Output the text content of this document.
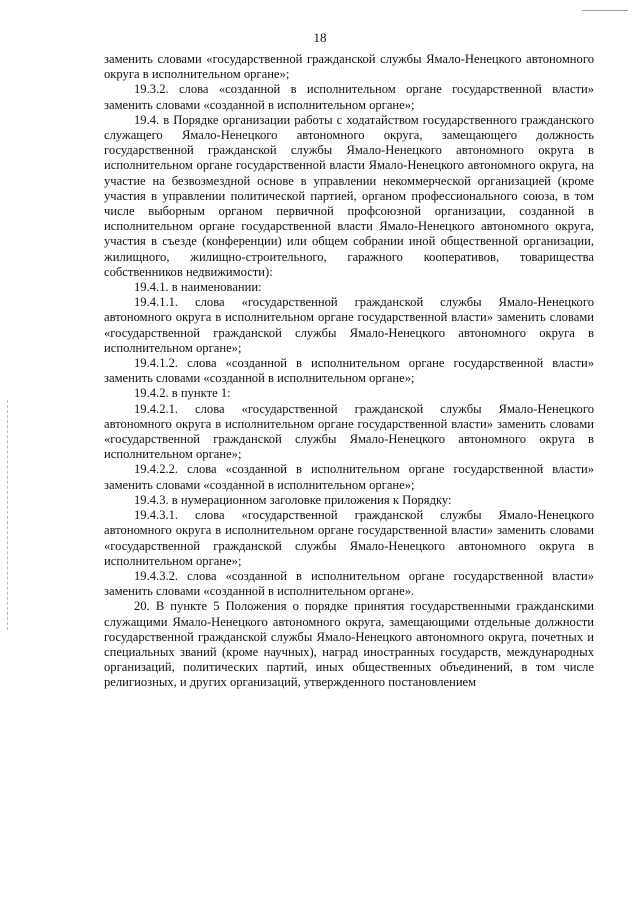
18

заменить словами «государственной гражданской службы Ямало-Ненецкого автономного округа в исполнительном органе»;

19.3.2. слова «созданной в исполнительном органе государственной власти» заменить словами «созданной в исполнительном органе»;

19.4. в Порядке организации работы с ходатайством государственного гражданского служащего Ямало-Ненецкого автономного округа, замещающего должность государственной гражданской службы Ямало-Ненецкого автономного округа в исполнительном органе государственной власти Ямало-Ненецкого автономного округа, на участие на безвозмездной основе в управлении некоммерческой организацией (кроме участия в управлении политической партией, органом профессионального союза, в том числе выборным органом первичной профсоюзной организации, созданной в исполнительном органе государственной власти Ямало-Ненецкого автономного округа, участия в съезде (конференции) или общем собрании иной общественной организации, жилищного, жилищно-строительного, гаражного кооперативов, товарищества собственников недвижимости):

19.4.1. в наименовании:

19.4.1.1. слова «государственной гражданской службы Ямало-Ненецкого автономного округа в исполнительном органе государственной власти» заменить словами «государственной гражданской службы Ямало-Ненецкого автономного округа в исполнительном органе»;

19.4.1.2. слова «созданной в исполнительном органе государственной власти» заменить словами «созданной в исполнительном органе»;

19.4.2. в пункте 1:

19.4.2.1. слова «государственной гражданской службы Ямало-Ненецкого автономного округа в исполнительном органе государственной власти» заменить словами «государственной гражданской службы Ямало-Ненецкого автономного округа в исполнительном органе»;

19.4.2.2. слова «созданной в исполнительном органе государственной власти» заменить словами «созданной в исполнительном органе»;

19.4.3. в нумерационном заголовке приложения к Порядку:

19.4.3.1. слова «государственной гражданской службы Ямало-Ненецкого автономного округа в исполнительном органе государственной власти» заменить словами «государственной гражданской службы Ямало-Ненецкого автономного округа в исполнительном органе»;

19.4.3.2. слова «созданной в исполнительном органе государственной власти» заменить словами «созданной в исполнительном органе».

20. В пункте 5 Положения о порядке принятия государственными гражданскими служащими Ямало-Ненецкого автономного округа, замещающими отдельные должности государственной гражданской службы Ямало-Ненецкого автономного округа, почетных и специальных званий (кроме научных), наград иностранных государств, международных организаций, политических партий, иных общественных объединений, в том числе религиозных, и других организаций, утвержденного постановлением
